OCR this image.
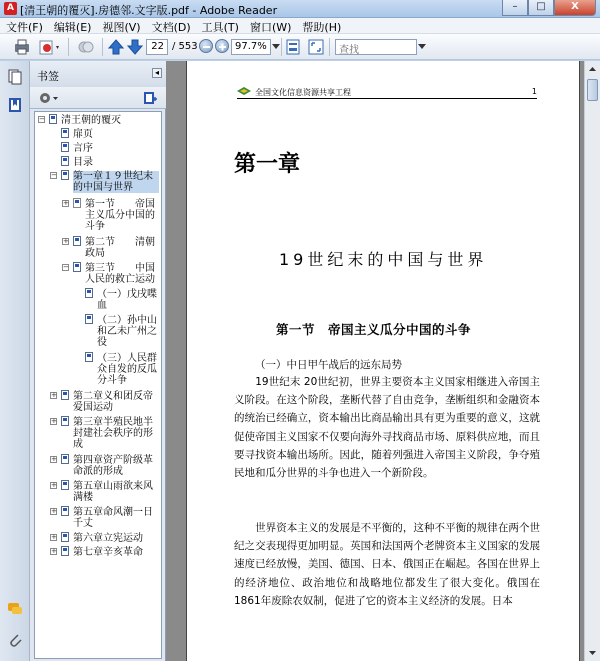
A [清王朝的覆灭].房德邻.文字版.pdf - Adobe Reader	–	□	X
文件(F)	编辑(E)	视图(V)	文档(D)	工具(T)	窗口(W)	帮助(H)
22 / 553	97.7%	查找
书签	◂
− 清王朝的覆灭
扉页
言序
目录
− 第一章１９世纪末的中国与世界
+ 第一节　　帝国主义瓜分中国的斗争
+ 第二节　　清朝政局
− 第三节　　中国人民的救亡运动
（一）戊戌喋血
（二）孙中山和乙未广州之役
（三）人民群众自发的反瓜分斗争
+ 第二章义和团反帝爱国运动
+ 第三章半殖民地半封建社会秩序的形成
+ 第四章资产阶级革命派的形成
+ 第五章山雨欲来风满楼
+ 第五章命风潮一日千丈
+ 第六章立宪运动
+ 第七章辛亥革命
全国文化信息资源共享工程	1
第一章
19世纪末的中国与世界
第一节　帝国主义瓜分中国的斗争
（一）中日甲午战后的远东局势
　　19世纪末 20世纪初，世界主要资本主义国家相继进入帝国主义阶段。在这个阶段，垄断代替了自由竞争，垄断组织和金融资本的统治已经确立，资本输出比商品输出具有更为重要的意义，这就促使帝国主义国家不仅要向海外寻找商品市场、原料供应地，而且要寻找资本输出场所。因此，随着列强进入帝国主义阶段，争夺殖民地和瓜分世界的斗争也进入一个新阶段。
　　世界资本主义的发展是不平衡的，这种不平衡的规律在两个世纪之交表现得更加明显。英国和法国两个老牌资本主义国家的发展速度已经放慢，美国、德国、日本、俄国正在崛起。各国在世界上的经济地位、政治地位和战略地位都发生了很大变化。俄国在 1861年废除农奴制，促进了它的资本主义经济的发展。日本
